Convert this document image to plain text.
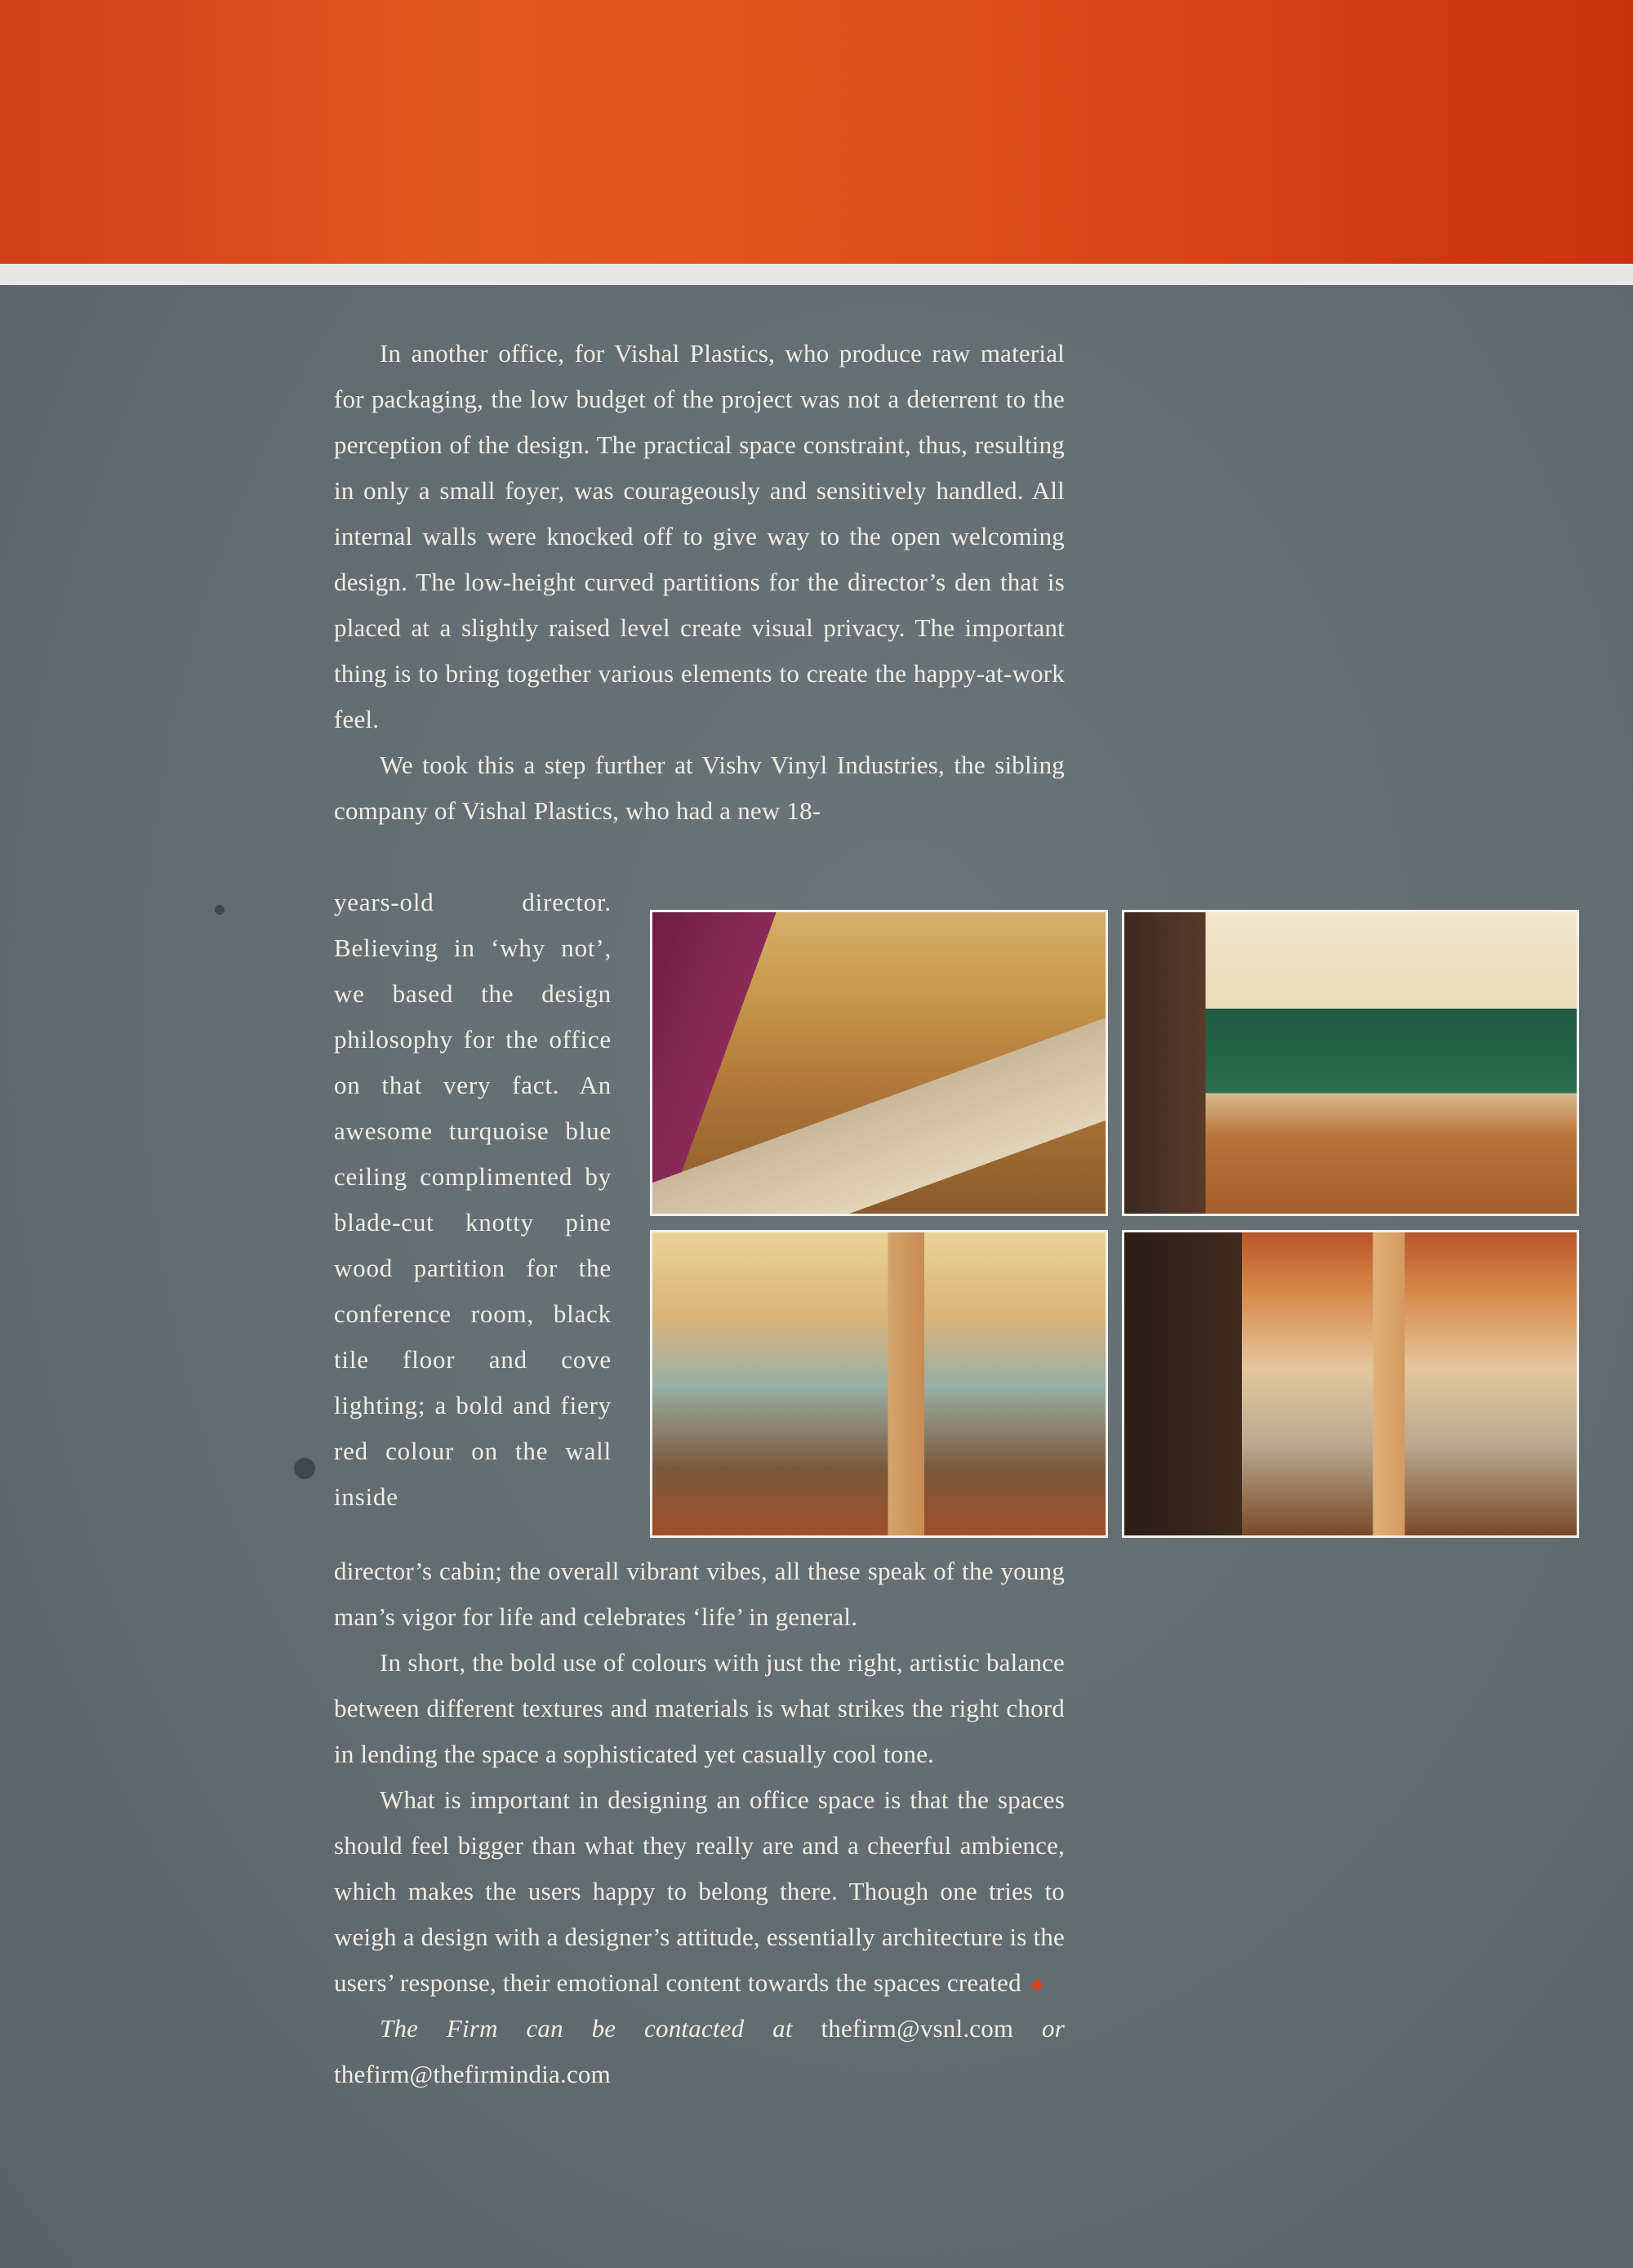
In another office, for Vishal Plastics, who produce raw material for packaging, the low budget of the project was not a deterrent to the perception of the design. The practical space constraint, thus, resulting in only a small foyer, was courageously and sensitively handled. All internal walls were knocked off to give way to the open welcoming design. The low-height curved partitions for the director’s den that is placed at a slightly raised level create visual privacy. The important thing is to bring together various elements to create the happy-at-work feel.

We took this a step further at Vishv Vinyl Industries, the sibling company of Vishal Plastics, who had a new 18-

years-old director. Believing in ‘why not’, we based the design philosophy for the office on that very fact. An awesome turquoise blue ceiling complimented by blade-cut knotty pine wood partition for the conference room, black tile floor and cove lighting; a bold and fiery red colour on the wall inside

director’s cabin; the overall vibrant vibes, all these speak of the young man’s vigor for life and celebrates ‘life’ in general.

In short, the bold use of colours with just the right, artistic balance between different textures and materials is what strikes the right chord in lending the space a sophisticated yet casually cool tone.

What is important in designing an office space is that the spaces should feel bigger than what they really are and a cheerful ambience, which makes the users happy to belong there. Though one tries to weigh a design with a designer’s attitude, essentially architecture is the users’ response, their emotional content towards the spaces created

The Firm can be contacted at thefirm@vsnl.com or thefirm@thefirmindia.com
